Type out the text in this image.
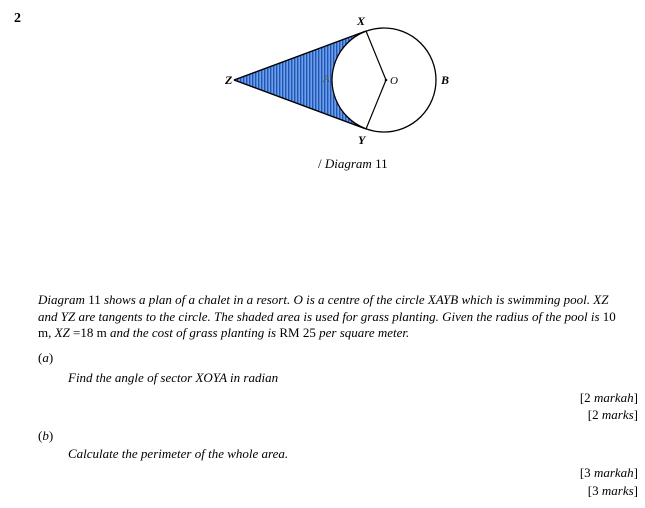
2	X
Y
Z	A	O	B
/ Diagram 11
Diagram 11 shows a plan of a chalet in a resort. O is a centre of the circle XAYB which is swimming pool. XZ and YZ are tangents to the circle. The shaded area is used for grass planting. Given the radius of the pool is 10 m, XZ =18 m and the cost of grass planting is RM 25 per square meter.
(a)
Find the angle of sector XOYA in radian
[2 markah]
[2 marks]
(b)
Calculate the perimeter of the whole area.
[3 markah]
[3 marks]
